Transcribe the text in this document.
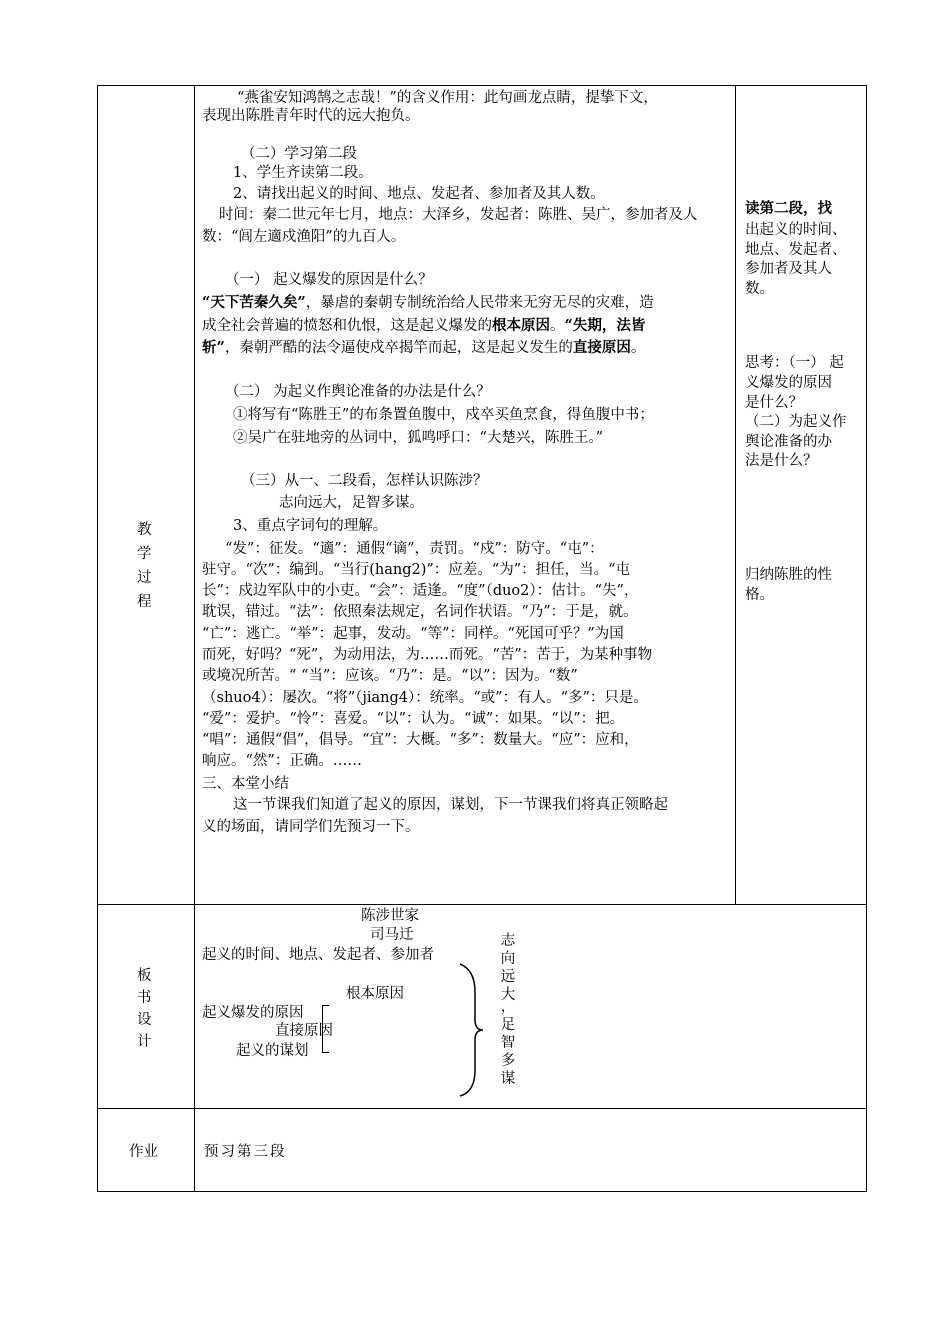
教
学
过
程
板
书
设
计
作业
“燕雀安知鸿鹄之志哉！”的含义作用：此句画龙点睛，提挚下文，
表现出陈胜青年时代的远大抱负。
（二）学习第二段
1、学生齐读第二段。
2、请找出起义的时间、地点、发起者、参加者及其人数。
时间：秦二世元年七月，地点：大泽乡，发起者：陈胜、吴广，参加者及人
数：“闾左適戍渔阳”的九百人。
（一） 起义爆发的原因是什么？
“天下苦秦久矣”，暴虐的秦朝专制统治给人民带来无穷无尽的灾难，造
成全社会普遍的愤怒和仇恨，这是起义爆发的根本原因。“失期，法皆
斩”，秦朝严酷的法令逼使戍卒揭竿而起，这是起义发生的直接原因。
（二） 为起义作舆论准备的办法是什么？
①将写有“陈胜王”的布条置鱼腹中，戍卒买鱼烹食，得鱼腹中书；
②吴广在驻地旁的丛词中，狐鸣呼口：“大楚兴，陈胜王。”
（三）从一、二段看，怎样认识陈涉？
志向远大，足智多谋。
3、重点字词句的理解。
“发”：征发。“適”：通假“谪”，责罚。“戍”：防守。“屯”：
驻守。“次”：编到。“当行(hang2)”：应差。“为”：担任，当。“屯
长”：戍边军队中的小吏。“会”：适逢。“度”（duo2）：估计。“失”，
耽误，错过。“法”：依照秦法规定，名词作状语。“乃”：于是，就。
“亡”：逃亡。“举”：起事，发动。“等”：同样。“死国可乎？”为国
而死，好吗？“死”，为动用法，为……而死。“苦”：苦于，为某种事物
或境况所苦。“ “当”：应该。“乃”：是。“以”：因为。“数”
（shuo4）：屡次。“将”（jiang4）：统率。“或”：有人。“多”：只是。
“爱”：爱护。“怜”：喜爱。“以”：认为。“诚”：如果。“以”：把。
“唱”：通假“倡”，倡导。“宜”：大概。“多”：数量大。“应”：应和，
响应。“然”：正确。……
三、本堂小结
这一节课我们知道了起义的原因，谋划，下一节课我们将真正领略起
义的场面，请同学们先预习一下。
读第二段，找
出起义的时间、
地点、发起者、
参加者及其人
数。
思考：（一） 起
义爆发的原因
是什么？
（二）为起义作
舆论准备的办
法是什么？
归纳陈胜的性
格。
陈涉世家
司马迁
起义的时间、地点、发起者、参加者
根本原因
起义爆发的原因
直接原因
起义的谋划
志
向
远
大
，
足
智
多
谋
预习第三段
